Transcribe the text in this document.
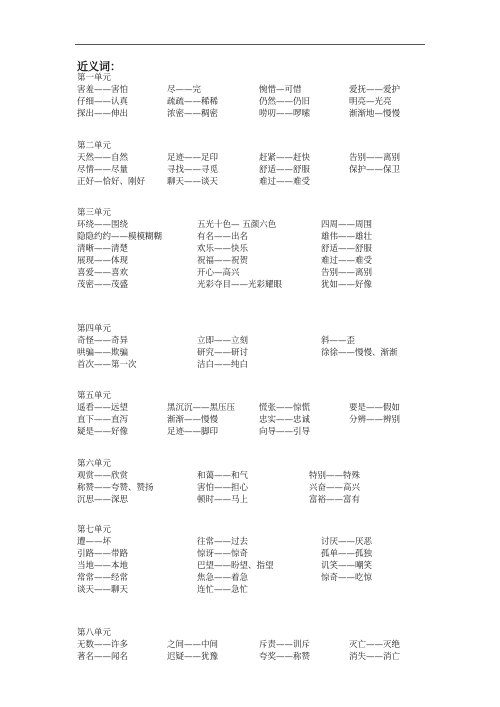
近义词：
第一单元
害羞——害怕	尽——完	惋惜—可惜	爱抚——爱护
仔细——认真	疏疏——稀稀	仍然——仍旧	明亮—光亮
探出——伸出	浓密——稠密	唠叨——啰嗦	渐渐地—慢慢
第二单元
天然——自然	足迹——足印	赶紧——赶快	告别——离别
尽情——尽量	寻找——寻觅	舒适——舒服	保护——保卫
正好—恰好、刚好	聊天——谈天	难过——难受
第三单元
环绕——围绕	五光十色— 五颜六色	四周——周围
隐隐约约——模模糊糊	有名——出名	雄伟——雄壮
清晰——清楚	欢乐——快乐	舒适——舒服
展现——体现	祝福——祝贺	难过——难受
喜爱——喜欢	开心—高兴	告别——离别
茂密——茂盛	光彩夺目——光彩耀眼	犹如——好像
第四单元
奇怪——奇异	立即——立刻	斜——歪
哄骗——欺骗	研究——研讨	徐徐——慢慢、渐渐
首次——第一次	洁白——纯白
第五单元
遥看——远望	黑沉沉——黑压压	慌张——惊慌	要是——假如
直下——直泻	渐渐——慢慢	忠实——忠诚	分辨——辨别
疑是——好像	足迹——脚印	向导——引导
第六单元
观赏——欣赏	和蔼——和气	特别——特殊
称赞——夸赞、赞扬	害怕——担心	兴奋——高兴
沉思——深思	顿时——马上	富裕——富有
第七单元
遭——坏	往常——过去	讨厌——厌恶
引路——带路	惊讶——惊奇	孤单——孤独
当地——本地	巴望——盼望、指望	讥笑——嘲笑
常常——经常	焦急——着急	惊奇——吃惊
谈天——聊天	连忙——急忙
第八单元
无数——许多	之间——中间	斥责——训斥	灭亡——灭绝
著名——闻名	迟疑——犹豫	夸奖——称赞	消失——消亡
